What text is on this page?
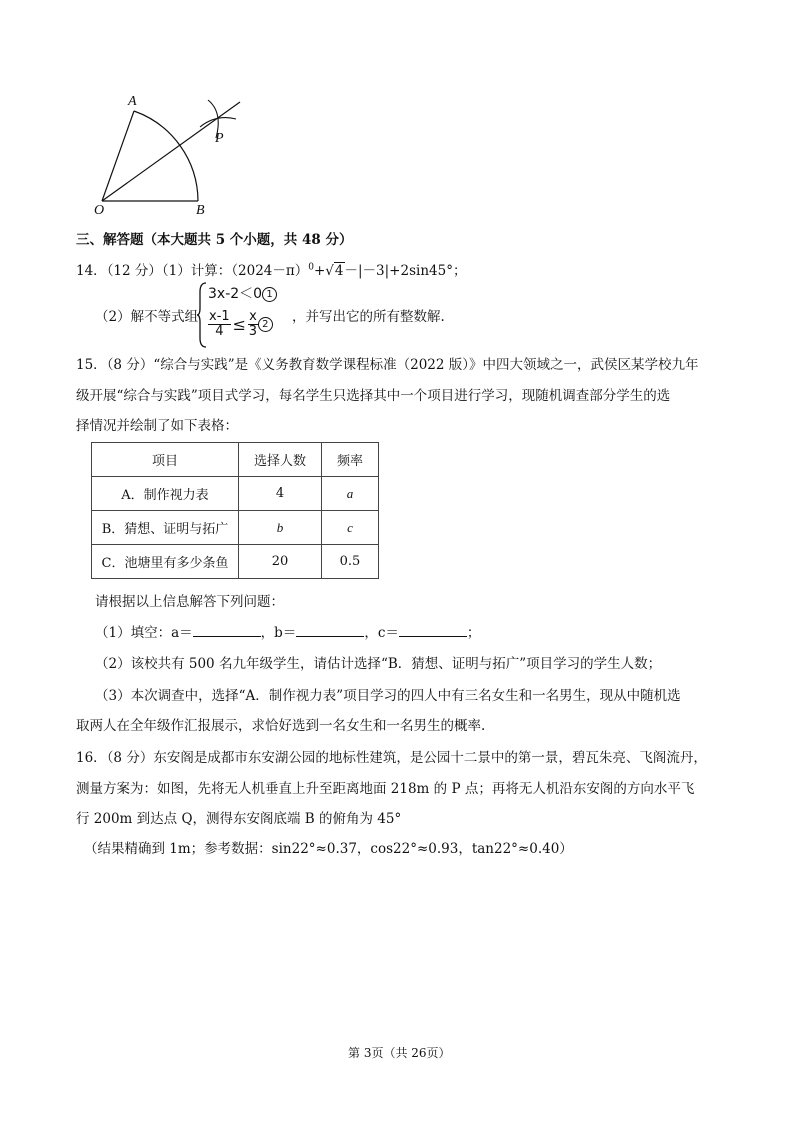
A
P
O	B
三、解答题（本大题共 5 个小题，共 48 分）
14．（12 分）（1）计算：$(2024-\pi)^0+√4-|-3|+2\sin 45^\circ$；
（2）解不等式组
3x-2＜0 1
$\frac{x-1}{4} \le \frac{x}{3} 2$	，并写出它的所有整数解.
15．（8 分）“综合与实践”是《义务教育数学课程标准（2022 版）》中四大领域之一，武侯区某学校九年
级开展“综合与实践”项目式学习，每名学生只选择其中一个项目进行学习，现随机调查部分学生的选
择情况并绘制了如下表格：
项目	选择人数	频率
A．制作视力表	4	a
B．猜想、证明与拓广	b	c
C．池塘里有多少条鱼	20	0.5
请根据以上信息解答下列问题：
（1）填空：a＝	，b＝	，c＝	；
（2）该校共有 500 名九年级学生，请估计选择“B．猜想、证明与拓广”项目学习的学生人数；
（3）本次调查中，选择“A．制作视力表”项目学习的四人中有三名女生和一名男生，现从中随机选
取两人在全年级作汇报展示，求恰好选到一名女生和一名男生的概率.
16．（8 分）东安阁是成都市东安湖公园的地标性建筑，是公园十二景中的第一景，碧瓦朱亮、飞阁流丹，
测量方案为：如图，先将无人机垂直上升至距离地面 218m 的 P 点；再将无人机沿东安阁的方向水平飞
行 200m 到达点 Q，测得东安阁底端 B 的俯角为 45°
（结果精确到 1m；参考数据：sin22°≈0.37，cos22°≈0.93，tan22°≈0.40）
第 3页（共 26页）
